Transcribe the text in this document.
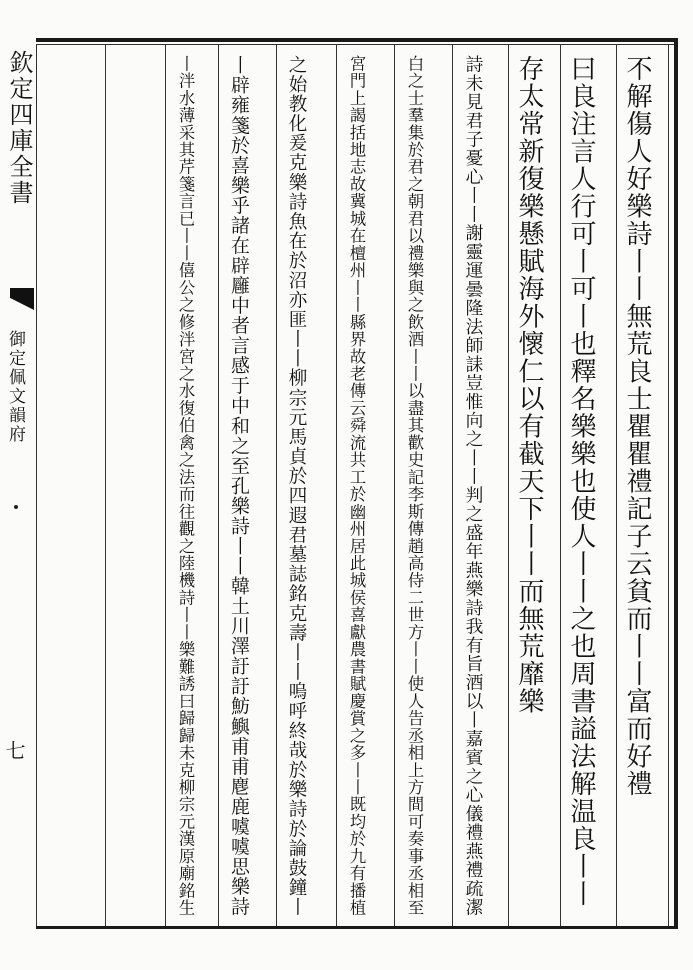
欽定四庫全書
御定佩文韻府
七	不解傷人好樂詩丨丨無荒良士瞿瞿禮記子云貧而丨丨富而好禮
曰良注言人行可丨可丨也釋名樂樂也使人丨丨之也周書謚法解温良丨丨
存太常新復樂懸賦海外懷仁以有截天下丨丨而無荒靡樂
詩未見君子憂心丨丨謝靈運曇隆法師誄豈惟向之丨丨判之盛年燕樂詩我有旨酒以丨嘉賓之心儀禮燕禮疏潔
白之士羣集於君之朝君以禮樂與之飲酒丨丨以盡其歡史記李斯傳趙高侍二世方丨丨使人告丞相上方間可奏事丞相至
宮門上謁括地志故冀城在檀州丨丨縣界故老傳云舜流共工於幽州居此城侯喜獻農書賦慶賞之多丨丨既均於九有播植
之始教化爰克樂詩魚在於沼亦匪丨丨柳宗元馬貞於四遐君墓誌銘克壽丨丨嗚呼終哉於樂詩於論鼓鐘丨
丨辟雍箋於喜樂乎諸在辟廱中者言感于中和之至孔樂詩丨丨韓土川澤訏訏魴鱮甫甫麀鹿噳噳思樂詩
丨泮水薄采其芹箋言已丨丨僖公之修泮宮之水復伯禽之法而往觀之陸機詩丨丨樂難誘曰歸歸未克柳宗元漢原廟銘生
